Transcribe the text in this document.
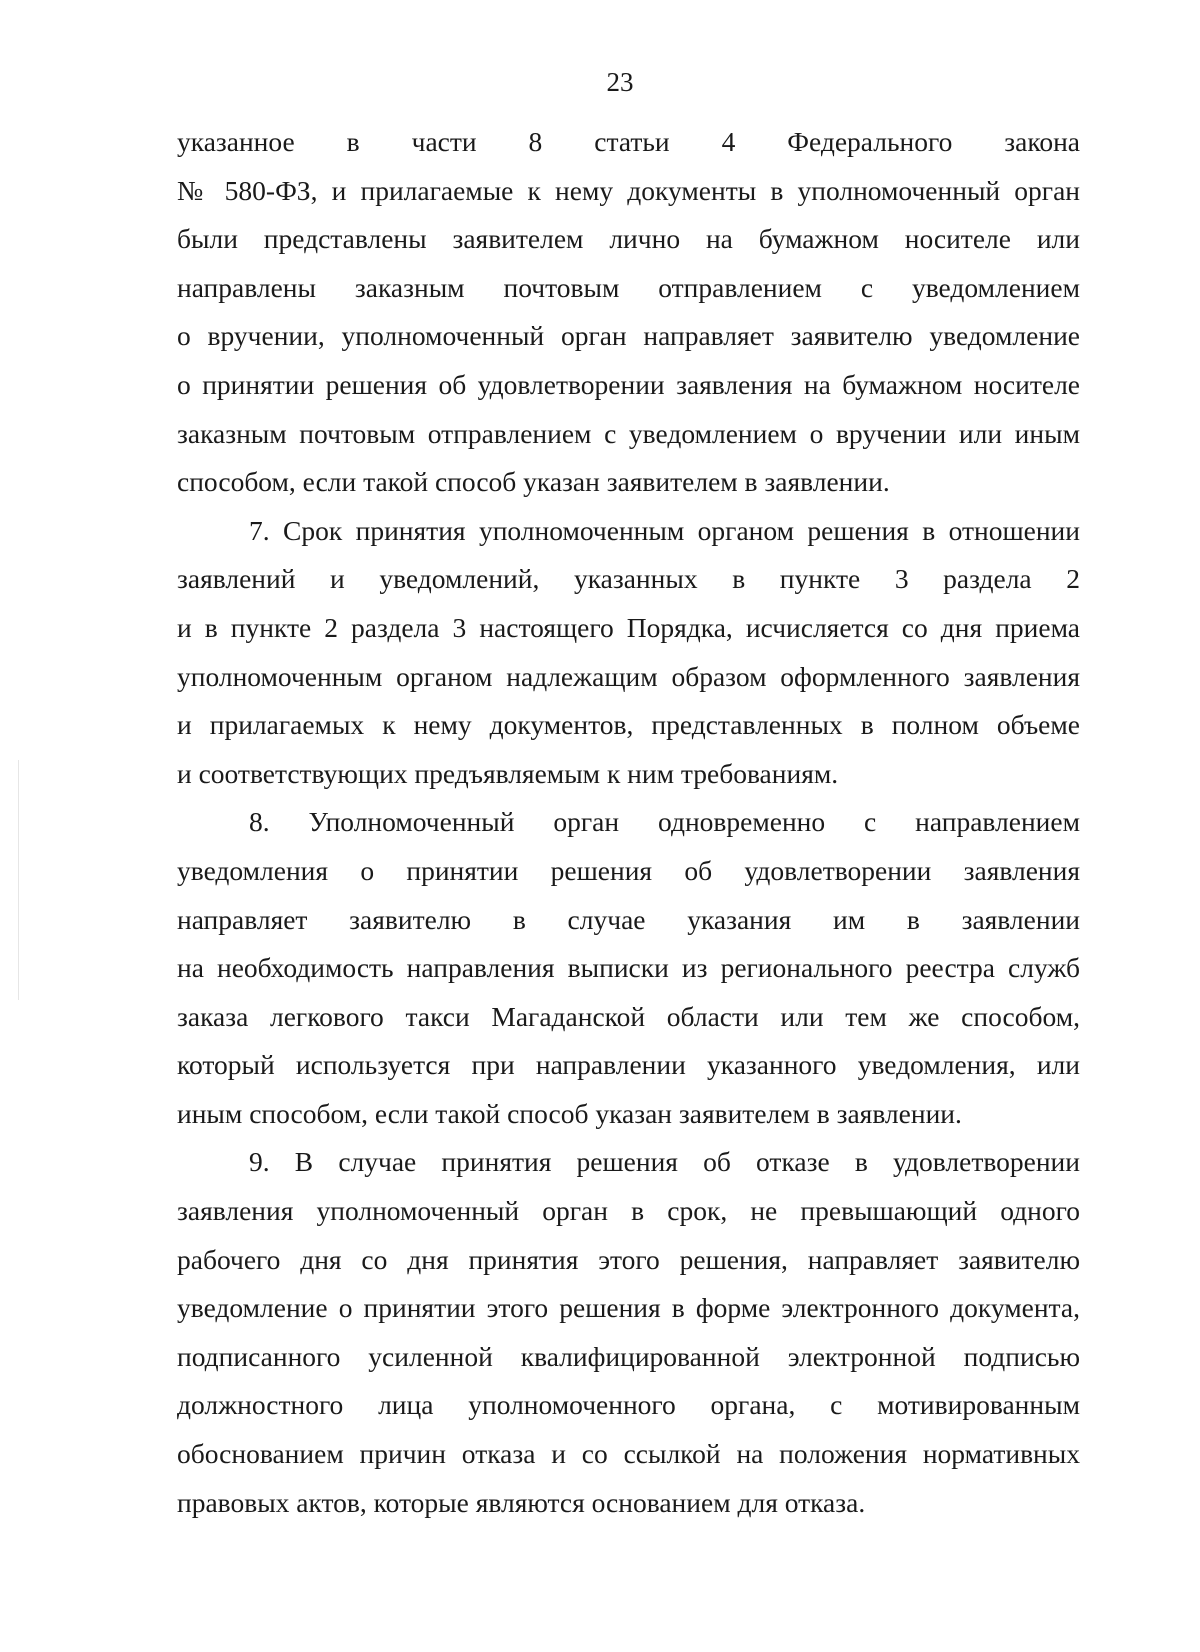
23

указанное в части 8 статьи 4 Федерального закона
№ 580-ФЗ, и прилагаемые к нему документы в уполномоченный орган
были представлены заявителем лично на бумажном носителе или
направлены заказным почтовым отправлением с уведомлением
о вручении, уполномоченный орган направляет заявителю уведомление
о принятии решения об удовлетворении заявления на бумажном носителе
заказным почтовым отправлением с уведомлением о вручении или иным
способом, если такой способ указан заявителем в заявлении.

7. Срок принятия уполномоченным органом решения в отношении
заявлений и уведомлений, указанных в пункте 3 раздела 2
и в пункте 2 раздела 3 настоящего Порядка, исчисляется со дня приема
уполномоченным органом надлежащим образом оформленного заявления
и прилагаемых к нему документов, представленных в полном объеме
и соответствующих предъявляемым к ним требованиям.

8. Уполномоченный орган одновременно с направлением
уведомления о принятии решения об удовлетворении заявления
направляет заявителю в случае указания им в заявлении
на необходимость направления выписки из регионального реестра служб
заказа легкового такси Магаданской области или тем же способом,
который используется при направлении указанного уведомления, или
иным способом, если такой способ указан заявителем в заявлении.

9. В случае принятия решения об отказе в удовлетворении
заявления уполномоченный орган в срок, не превышающий одного
рабочего дня со дня принятия этого решения, направляет заявителю
уведомление о принятии этого решения в форме электронного документа,
подписанного усиленной квалифицированной электронной подписью
должностного лица уполномоченного органа, с мотивированным
обоснованием причин отказа и со ссылкой на положения нормативных
правовых актов, которые являются основанием для отказа.
